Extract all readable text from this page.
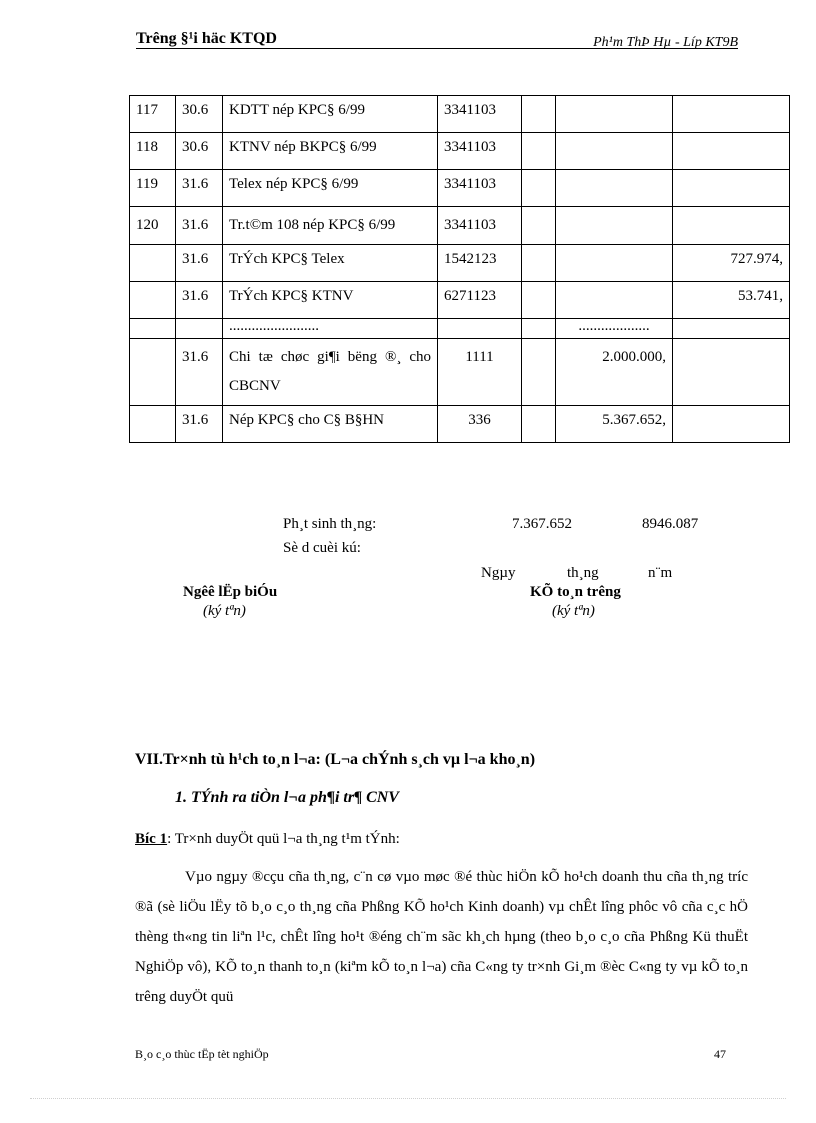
Trêng §¹i häc KTQD	Ph¹m ThÞ Hµ - Líp KT9B
117	30.6	KDTT nép KPC§ 6/99	3341103			
118	30.6	KTNV nép BKPC§ 6/99	3341103			
119	31.6	Telex nép KPC§ 6/99	3341103			
120	31.6	Tr.t©m 108 nép KPC§ 6/99	3341103			
	31.6	TrÝch KPC§ Telex	1542123			727.974,
	31.6	TrÝch KPC§ KTNV	6271123			53.741,
		........................			...................	
	31.6	Chi tæ chøc gi¶i bëng ®¸ cho CBCNV	1111		2.000.000,	
	31.6	Nép KPC§ cho C§ B§HN	336		5.367.652,	
Ph¸t sinh th¸ng:	7.367.652	8946.087
Sè d cuèi kú:
Ngµy	th¸ng	n¨m
Ngêê lËp biÓu
(ký tªn)
KÕ to¸n trêng
(ký tªn)
VII.Tr×nh tù h¹ch to¸n l¬a: (L¬a chÝnh s¸ch vµ l¬a kho¸n)
1. TÝnh ra tiÒn l¬a ph¶i tr¶ CNV
Bíc 1: Tr×nh duyÖt quü l¬a th¸ng t¹m tÝnh:
Vµo ngµy ®cçu cña th¸ng, c¨n cø vµo møc ®é thùc hiÖn kÕ ho¹ch doanh thu cña th¸ng tríc ®ã (sè liÖu lËy tõ b¸o c¸o th¸ng cña Phßng KÕ ho¹ch Kinh doanh) vµ chÊt lîng phôc vô cña c¸c hÖ thèng th«ng tin liªn l¹c, chÊt lîng ho¹t ®éng ch¨m sãc kh¸ch hµng (theo b¸o c¸o cña Phßng Kü thuËt NghiÖp vô), KÕ to¸n thanh to¸n (kiªm kÕ to¸n l¬a) cña C«ng ty tr×nh Gi¸m ®èc C«ng ty vµ kÕ to¸n trêng duyÖt quü
B¸o c¸o thùc tËp tèt nghiÖp	47
